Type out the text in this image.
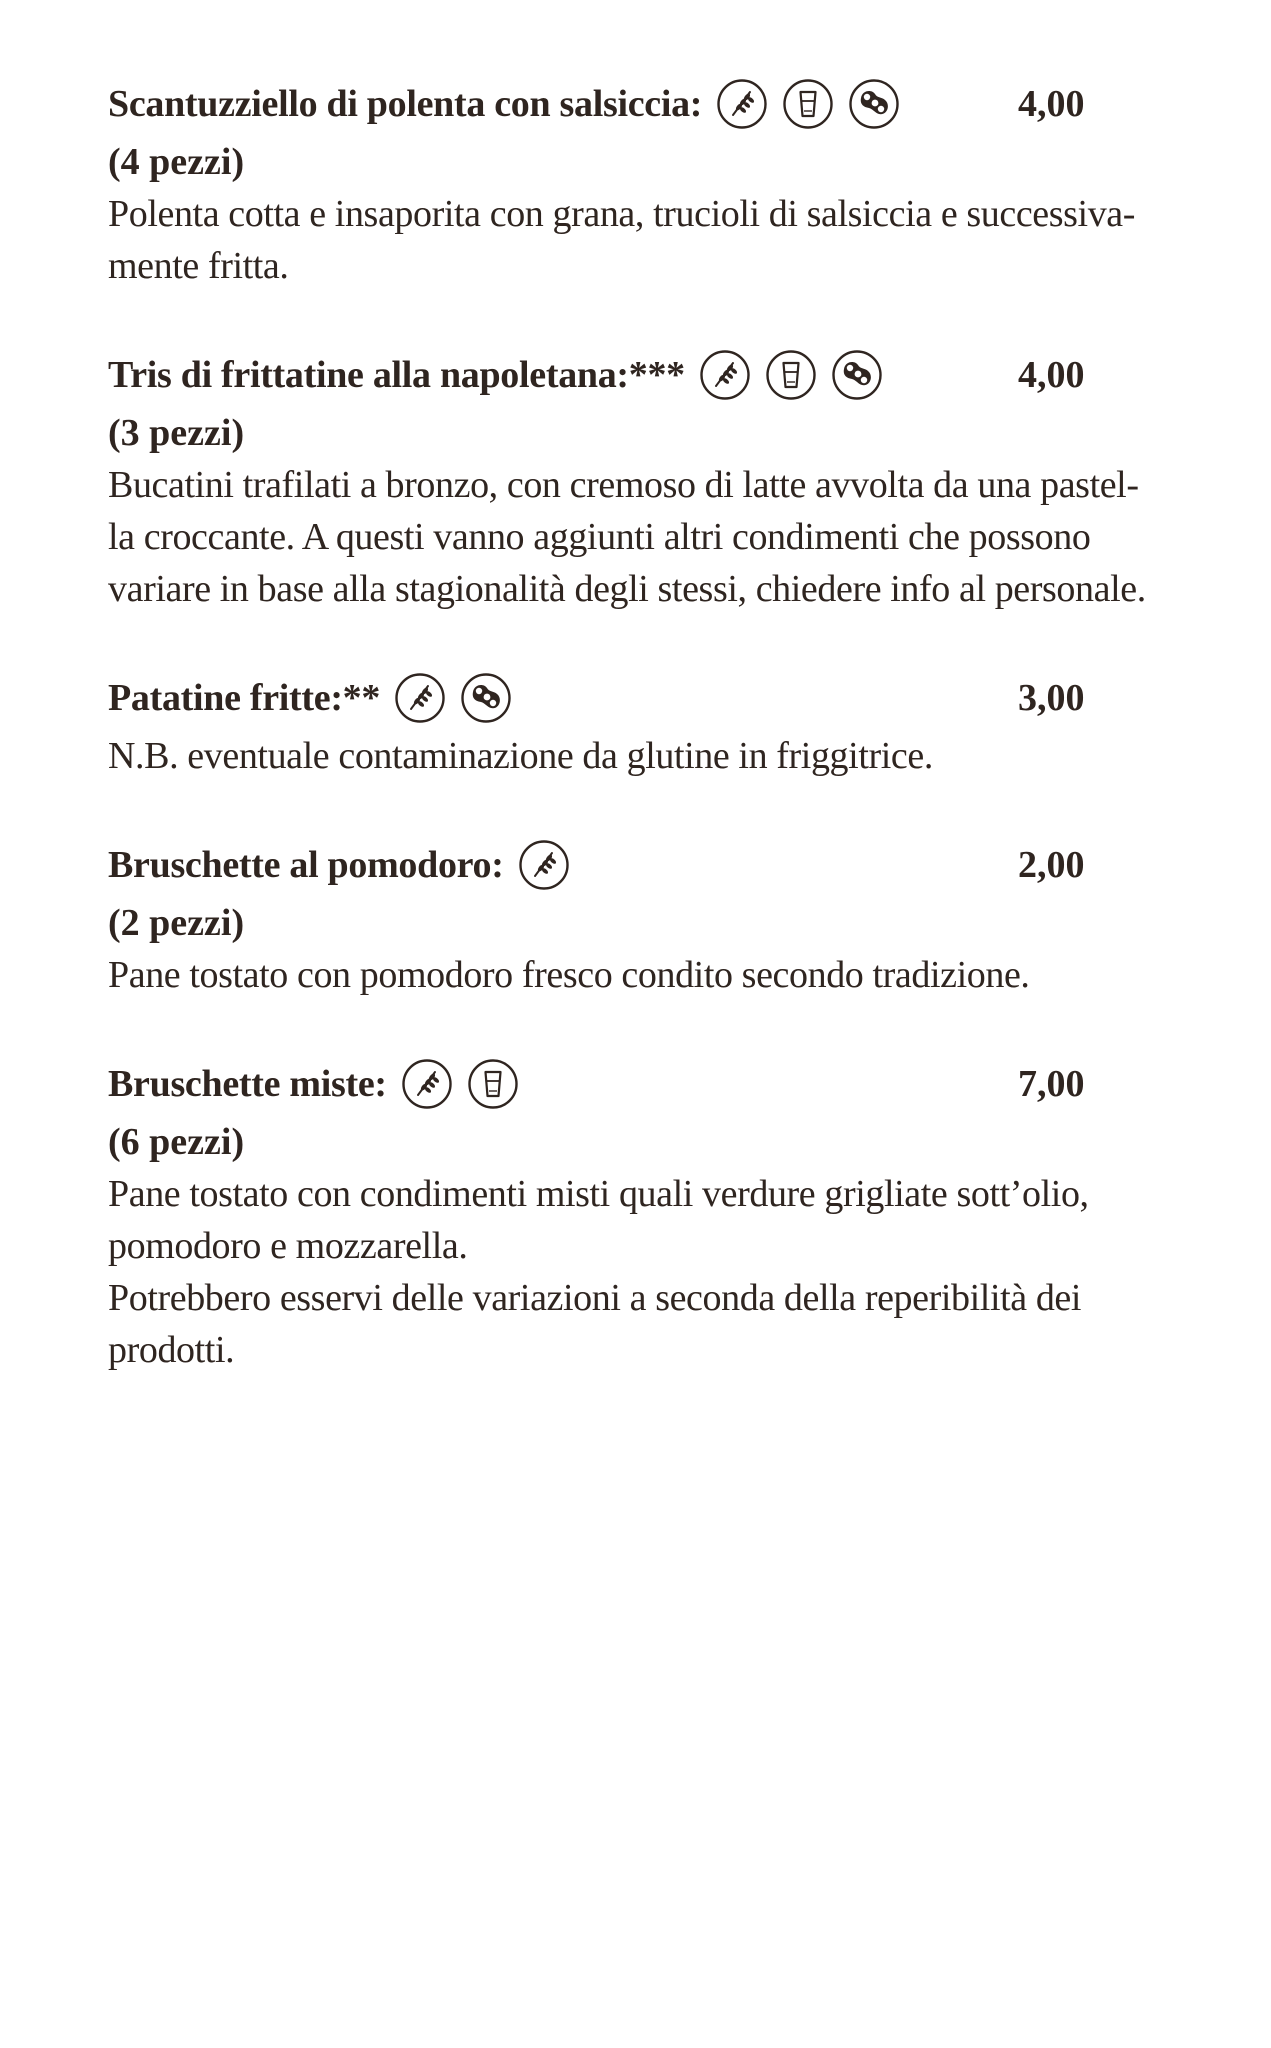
Scantuzziello di polenta con salsiccia:	4,00
(4 pezzi)
Polenta cotta e insaporita con grana, trucioli di salsiccia e successiva-
mente fritta.
Tris di frittatine alla napoletana:***	4,00
(3 pezzi)
Bucatini trafilati a bronzo, con cremoso di latte avvolta da una pastel-
la croccante. A questi vanno aggiunti altri condimenti che possono
variare in base alla stagionalità degli stessi, chiedere info al personale.
Patatine fritte:**	3,00
N.B. eventuale contaminazione da glutine in friggitrice.
Bruschette al pomodoro:	2,00
(2 pezzi)
Pane tostato con pomodoro fresco condito secondo tradizione.
Bruschette miste:	7,00
(6 pezzi)
Pane tostato con condimenti misti quali verdure grigliate sott’olio,
pomodoro e mozzarella.
Potrebbero esservi delle variazioni a seconda della reperibilità dei
prodotti.
